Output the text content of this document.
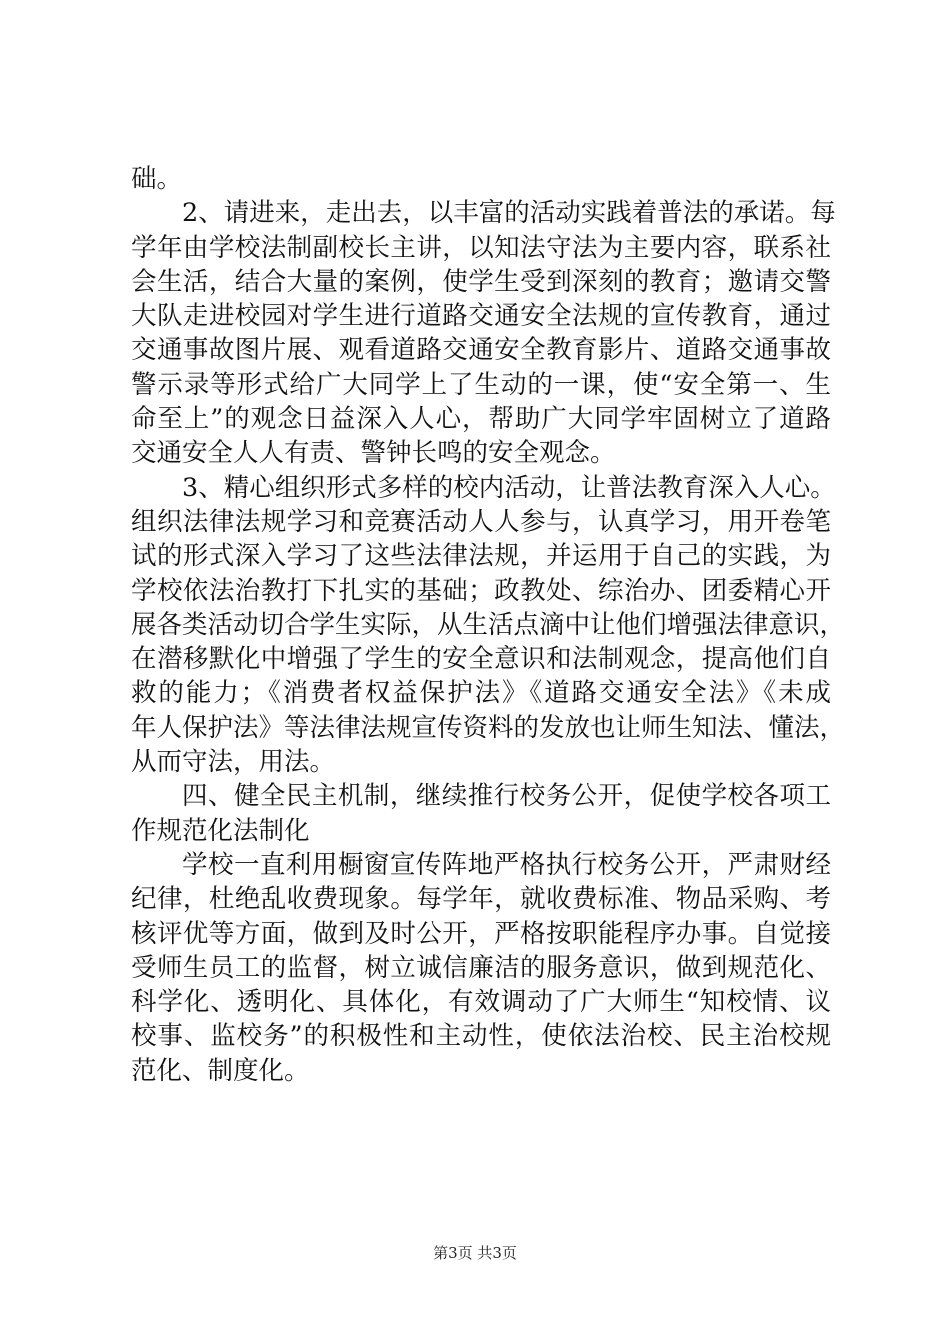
础。
2、请进来，走出去，以丰富的活动实践着普法的承诺。每
学年由学校法制副校长主讲，以知法守法为主要内容，联系社
会生活，结合大量的案例，使学生受到深刻的教育；邀请交警
大队走进校园对学生进行道路交通安全法规的宣传教育，通过
交通事故图片展、观看道路交通安全教育影片、道路交通事故
警示录等形式给广大同学上了生动的一课，使“安全第一、生
命至上”的观念日益深入人心，帮助广大同学牢固树立了道路
交通安全人人有责、警钟长鸣的安全观念。
3、精心组织形式多样的校内活动，让普法教育深入人心。
组织法律法规学习和竞赛活动人人参与，认真学习，用开卷笔
试的形式深入学习了这些法律法规，并运用于自己的实践，为
学校依法治教打下扎实的基础；政教处、综治办、团委精心开
展各类活动切合学生实际，从生活点滴中让他们增强法律意识，
在潜移默化中增强了学生的安全意识和法制观念，提高他们自
救的能力；《消费者权益保护法》《道路交通安全法》《未成
年人保护法》等法律法规宣传资料的发放也让师生知法、懂法，
从而守法，用法。
四、健全民主机制，继续推行校务公开，促使学校各项工
作规范化法制化
学校一直利用橱窗宣传阵地严格执行校务公开，严肃财经
纪律，杜绝乱收费现象。每学年，就收费标准、物品采购、考
核评优等方面，做到及时公开，严格按职能程序办事。自觉接
受师生员工的监督，树立诚信廉洁的服务意识，做到规范化、
科学化、透明化、具体化，有效调动了广大师生“知校情、议
校事、监校务”的积极性和主动性，使依法治校、民主治校规
范化、制度化。
第3页 共3页
